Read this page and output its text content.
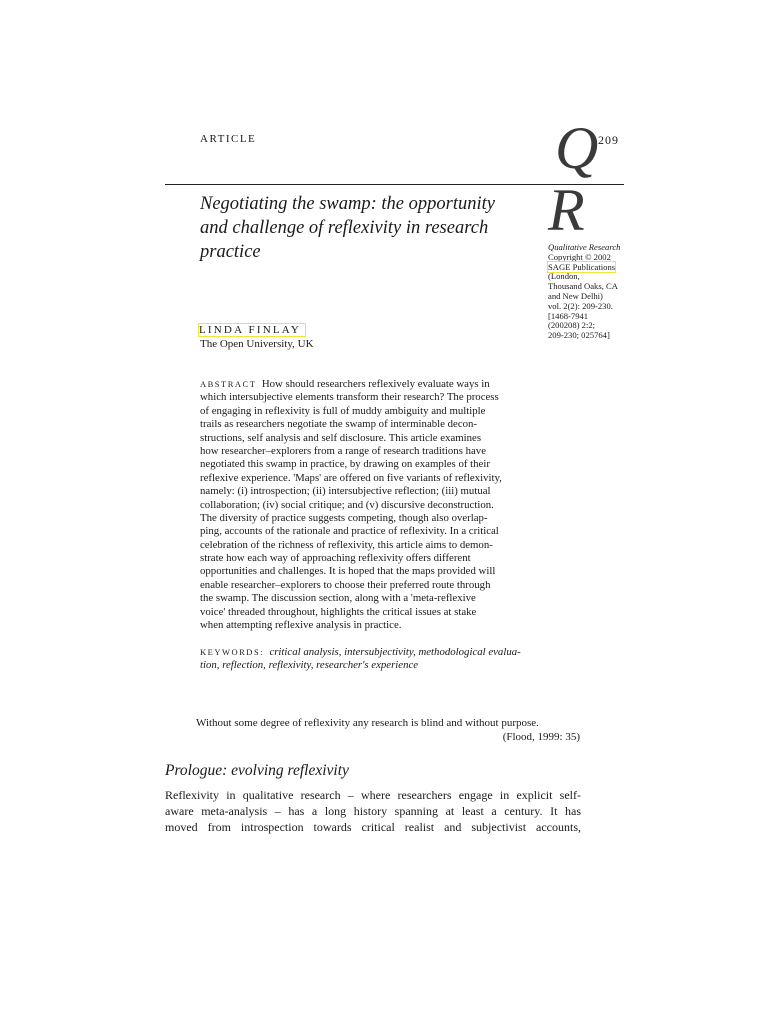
ARTICLE	209
Q
R
Negotiating the swamp: the opportunity
and challenge of reflexivity in research
practice	Qualitative Research
Copyright © 2002
SAGE Publications
(London,
Thousand Oaks, CA
and New Delhi)
vol. 2(2): 209-230.
[1468-7941
(200208) 2:2;
209-230; 025764]
LINDA FINLAY
The Open University, UK
ABSTRACT How should researchers reflexively evaluate ways in
which intersubjective elements transform their research? The process
of engaging in reflexivity is full of muddy ambiguity and multiple
trails as researchers negotiate the swamp of interminable decon-
structions, self analysis and self disclosure. This article examines
how researcher–explorers from a range of research traditions have
negotiated this swamp in practice, by drawing on examples of their
reflexive experience. 'Maps' are offered on five variants of reflexivity,
namely: (i) introspection; (ii) intersubjective reflection; (iii) mutual
collaboration; (iv) social critique; and (v) discursive deconstruction.
The diversity of practice suggests competing, though also overlap-
ping, accounts of the rationale and practice of reflexivity. In a critical
celebration of the richness of reflexivity, this article aims to demon-
strate how each way of approaching reflexivity offers different
opportunities and challenges. It is hoped that the maps provided will
enable researcher–explorers to choose their preferred route through
the swamp. The discussion section, along with a 'meta-reflexive
voice' threaded throughout, highlights the critical issues at stake
when attempting reflexive analysis in practice.
KEYWORDS: critical analysis, intersubjectivity, methodological evalua-
tion, reflection, reflexivity, researcher's experience
Without some degree of reflexivity any research is blind and without purpose.
(Flood, 1999: 35)
Prologue: evolving reflexivity
Reflexivity in qualitative research – where researchers engage in explicit self-
aware meta-analysis – has a long history spanning at least a century. It has
moved from introspection towards critical realist and subjectivist accounts,
